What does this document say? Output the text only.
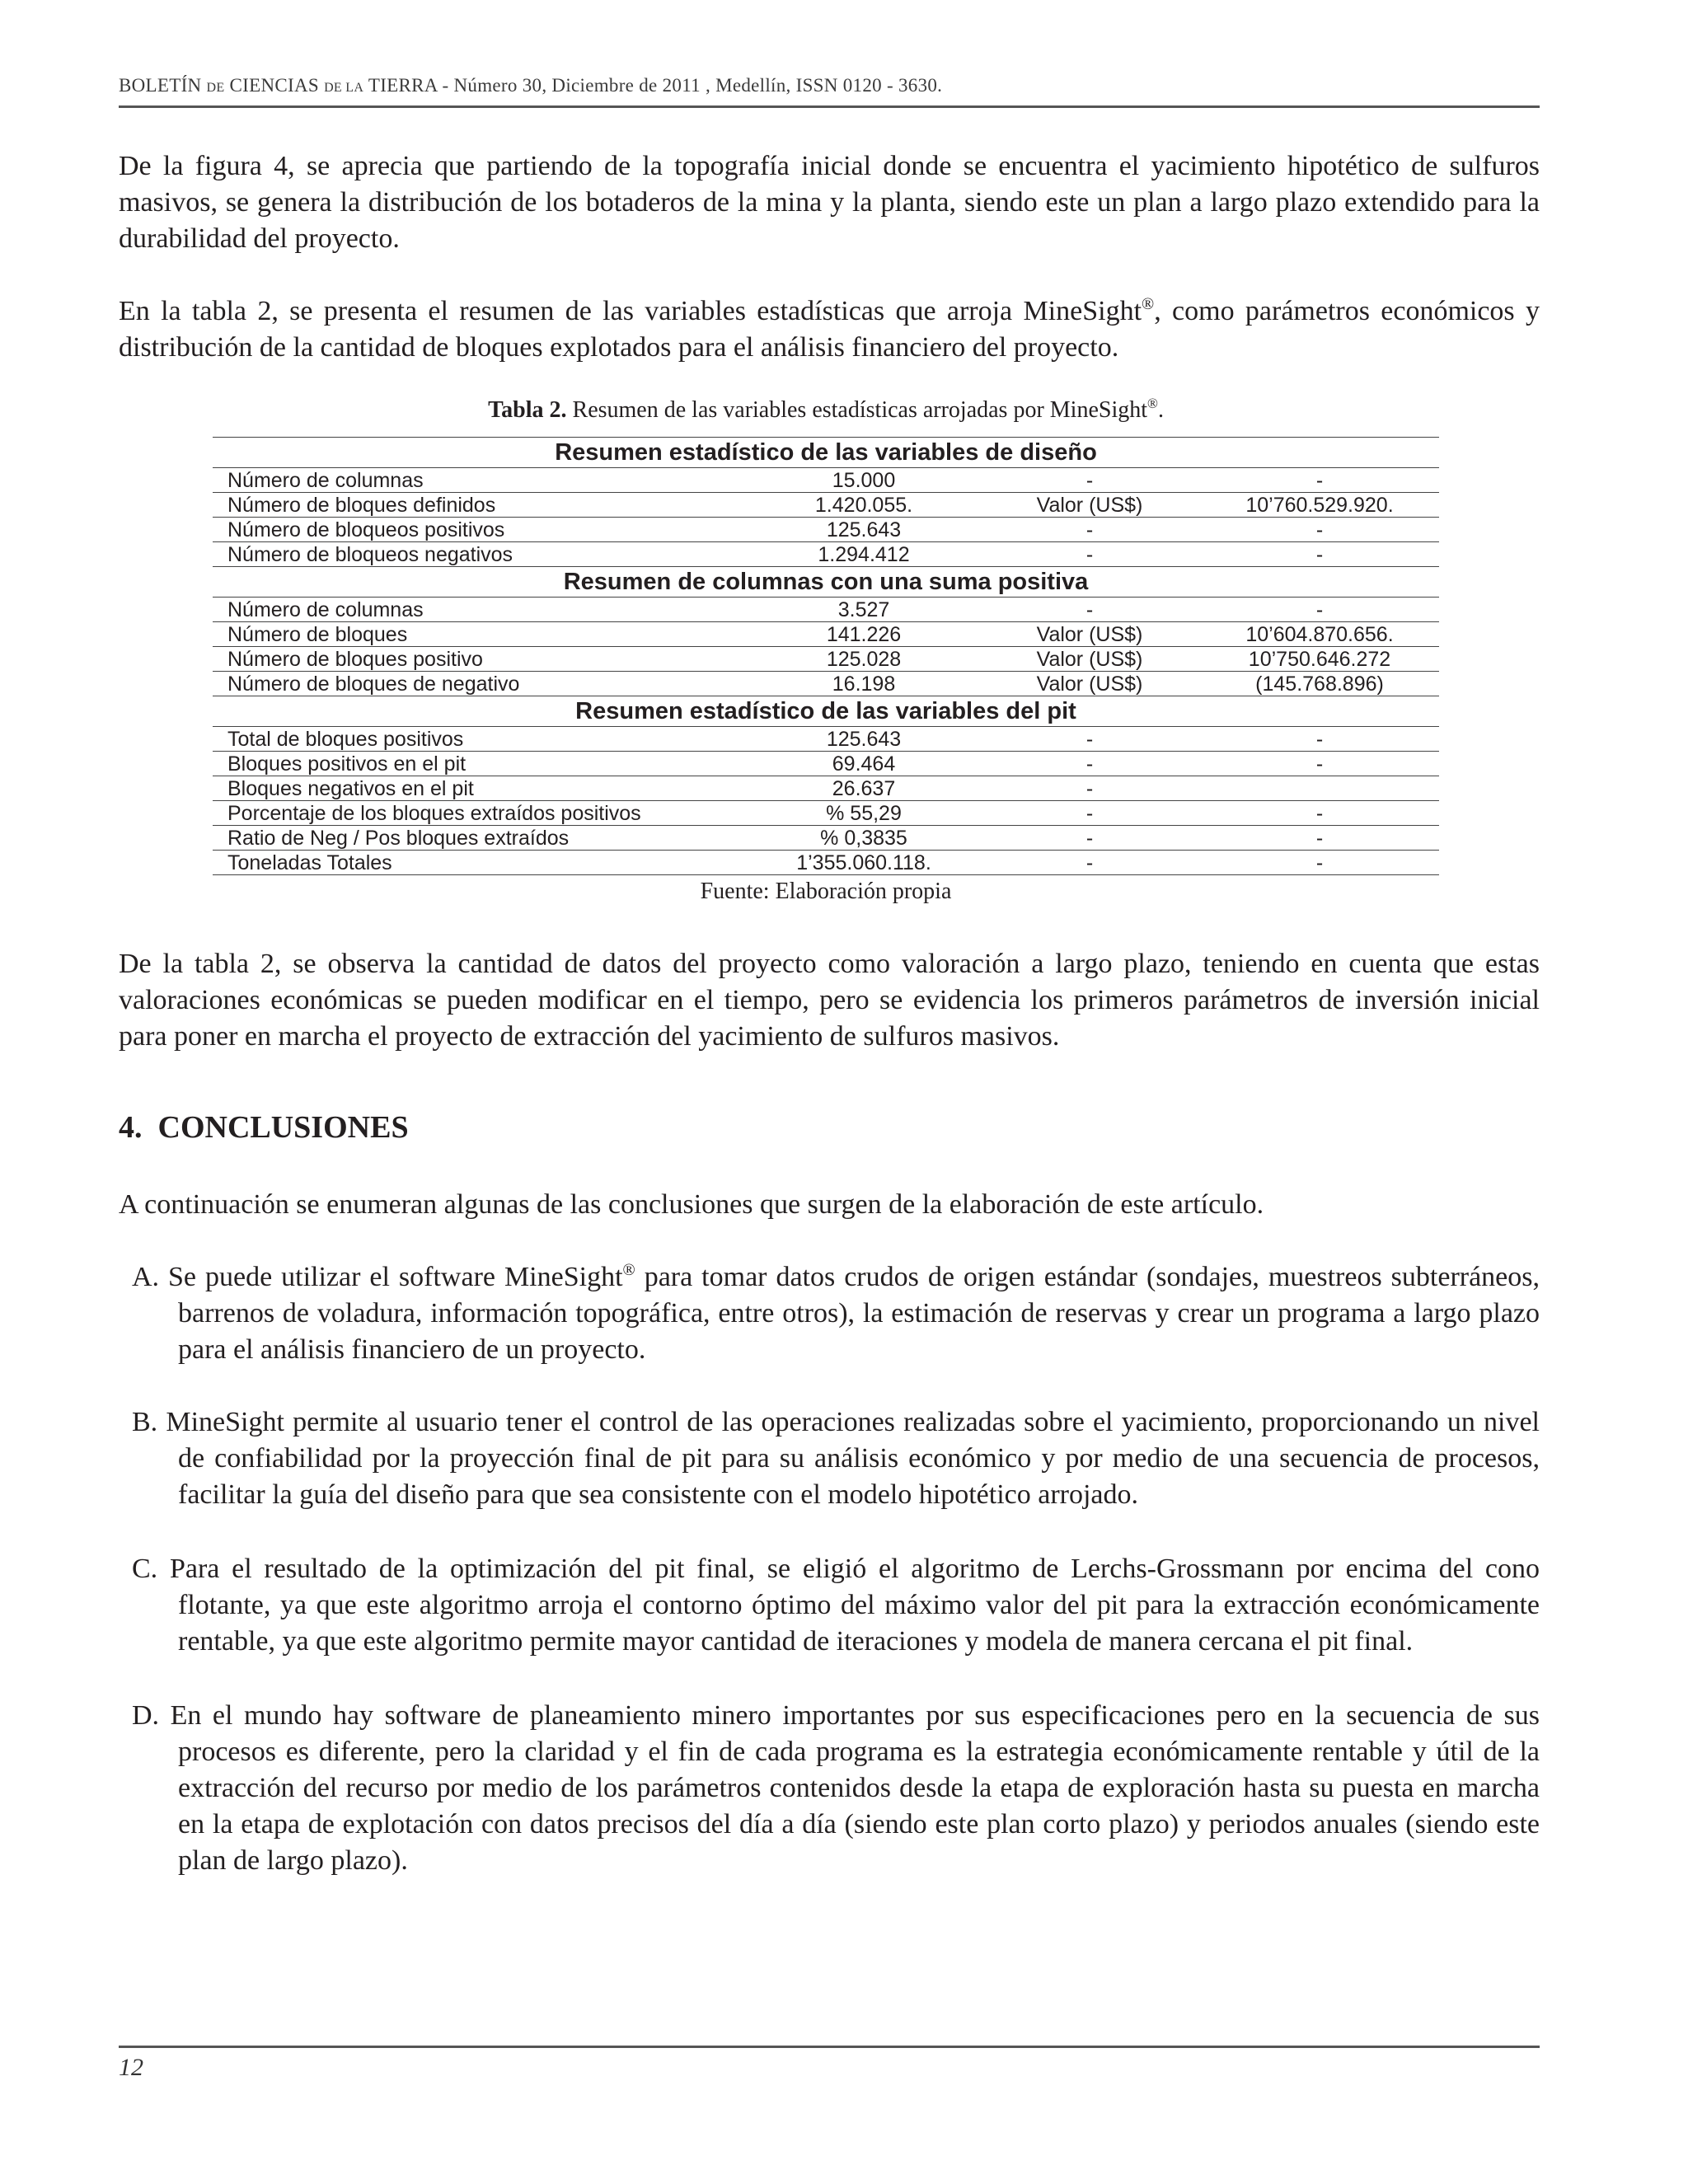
BOLETÍN DE CIENCIAS DE LA TIERRA - Número 30, Diciembre de 2011 , Medellín, ISSN 0120 - 3630.

De la figura 4, se aprecia que partiendo de la topografía inicial donde se encuentra el yacimiento hipotético de sulfuros masivos, se genera la distribución de los botaderos de la mina y la planta, siendo este un plan a largo plazo extendido para la durabilidad del proyecto.

En la tabla 2, se presenta el resumen de las variables estadísticas que arroja MineSight®, como parámetros económicos y distribución de la cantidad de bloques explotados para el análisis financiero del proyecto.

Tabla 2. Resumen de las variables estadísticas arrojadas por MineSight®.
Resumen estadístico de las variables de diseño			
Número de columnas	15.000	-	-
Número de bloques definidos	1.420.055.	Valor (US$)	10’760.529.920.
Número de bloqueos positivos	125.643	-	-
Número de bloqueos negativos	1.294.412	-	-
Resumen de columnas con una suma positiva			
Número de columnas	3.527	-	-
Número de bloques	141.226	Valor (US$)	10’604.870.656.
Número de bloques positivo	125.028	Valor (US$)	10’750.646.272
Número de bloques de negativo	16.198	Valor (US$)	(145.768.896)
Resumen estadístico de las variables del pit			
Total de bloques positivos	125.643	-	-
Bloques positivos en el pit	69.464	-	-
Bloques negativos en el pit	26.637	-	
Porcentaje de los bloques extraídos positivos	% 55,29	-	-
Ratio de Neg / Pos bloques extraídos	% 0,3835	-	-
Toneladas Totales	1’355.060.118.	-	-
Fuente: Elaboración propia

De la tabla 2, se observa la cantidad de datos del proyecto como valoración a largo plazo, teniendo en cuenta que estas valoraciones económicas se pueden modificar en el tiempo, pero se evidencia los primeros parámetros de inversión inicial para poner en marcha el proyecto de extracción del yacimiento de sulfuros masivos.

4. CONCLUSIONES

A continuación se enumeran algunas de las conclusiones que surgen de la elaboración de este artículo.

A. Se puede utilizar el software MineSight® para tomar datos crudos de origen estándar (sondajes, muestreos subterráneos, barrenos de voladura, información topográfica, entre otros), la estimación de reservas y crear un programa a largo plazo para el análisis financiero de un proyecto.

B. MineSight permite al usuario tener el control de las operaciones realizadas sobre el yacimiento, proporcionando un nivel de confiabilidad por la proyección final de pit para su análisis económico y por medio de una secuencia de procesos, facilitar la guía del diseño para que sea consistente con el modelo hipotético arrojado.

C. Para el resultado de la optimización del pit final, se eligió el algoritmo de Lerchs-Grossmann por encima del cono flotante, ya que este algoritmo arroja el contorno óptimo del máximo valor del pit para la extracción económicamente rentable, ya que este algoritmo permite mayor cantidad de iteraciones y modela de manera cercana el pit final.

D. En el mundo hay software de planeamiento minero importantes por sus especificaciones pero en la secuencia de sus procesos es diferente, pero la claridad y el fin de cada programa es la estrategia económicamente rentable y útil de la extracción del recurso por medio de los parámetros contenidos desde la etapa de exploración hasta su puesta en marcha en la etapa de explotación con datos precisos del día a día (siendo este plan corto plazo) y periodos anuales (siendo este plan de largo plazo).

12
